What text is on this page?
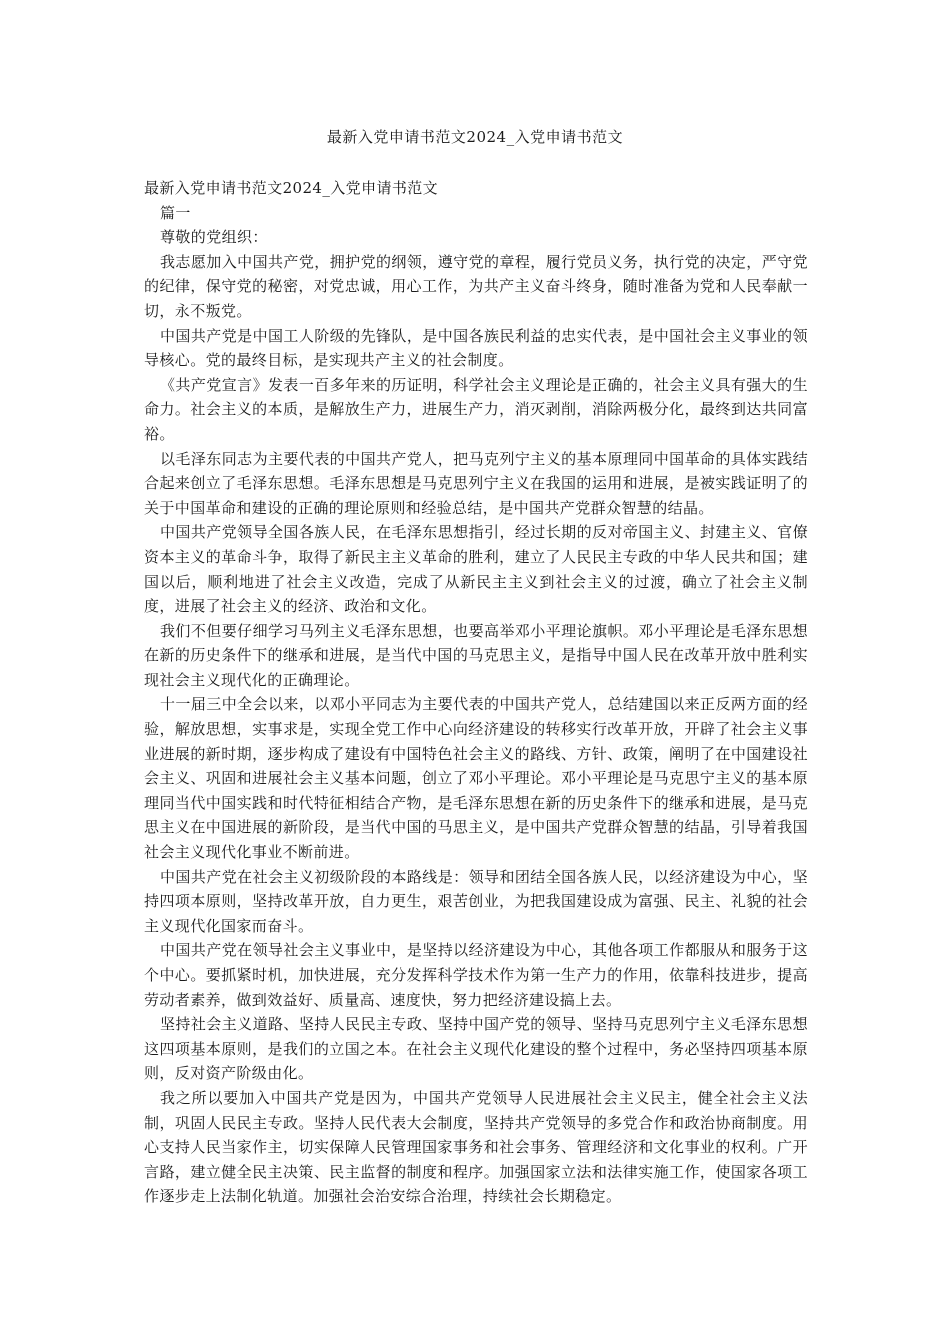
最新入党申请书范文2024_入党申请书范文

最新入党申请书范文2024_入党申请书范文

篇一

尊敬的党组织：

我志愿加入中国共产党，拥护党的纲领，遵守党的章程，履行党员义务，执行党的决定，严守党的纪律，保守党的秘密，对党忠诚，用心工作，为共产主义奋斗终身，随时准备为党和人民奉献一切，永不叛党。

中国共产党是中国工人阶级的先锋队，是中国各族民利益的忠实代表，是中国社会主义事业的领导核心。党的最终目标，是实现共产主义的社会制度。

《共产党宣言》发表一百多年来的历证明，科学社会主义理论是正确的，社会主义具有强大的生命力。社会主义的本质，是解放生产力，进展生产力，消灭剥削，消除两极分化，最终到达共同富裕。

以毛泽东同志为主要代表的中国共产党人，把马克列宁主义的基本原理同中国革命的具体实践结合起来创立了毛泽东思想。毛泽东思想是马克思列宁主义在我国的运用和进展，是被实践证明了的关于中国革命和建设的正确的理论原则和经验总结，是中国共产党群众智慧的结晶。

中国共产党领导全国各族人民，在毛泽东思想指引，经过长期的反对帝国主义、封建主义、官僚资本主义的革命斗争，取得了新民主主义革命的胜利，建立了人民民主专政的中华人民共和国；建国以后，顺利地进了社会主义改造，完成了从新民主主义到社会主义的过渡，确立了社会主义制度，进展了社会主义的经济、政治和文化。

我们不但要仔细学习马列主义毛泽东思想，也要高举邓小平理论旗帜。邓小平理论是毛泽东思想在新的历史条件下的继承和进展，是当代中国的马克思主义，是指导中国人民在改革开放中胜利实现社会主义现代化的正确理论。

十一届三中全会以来，以邓小平同志为主要代表的中国共产党人，总结建国以来正反两方面的经验，解放思想，实事求是，实现全党工作中心向经济建设的转移实行改革开放，开辟了社会主义事业进展的新时期，逐步构成了建设有中国特色社会主义的路线、方针、政策，阐明了在中国建设社会主义、巩固和进展社会主义基本问题，创立了邓小平理论。邓小平理论是马克思宁主义的基本原理同当代中国实践和时代特征相结合产物，是毛泽东思想在新的历史条件下的继承和进展，是马克思主义在中国进展的新阶段，是当代中国的马思主义，是中国共产党群众智慧的结晶，引导着我国社会主义现代化事业不断前进。

中国共产党在社会主义初级阶段的本路线是：领导和团结全国各族人民，以经济建设为中心，坚持四项本原则，坚持改革开放，自力更生，艰苦创业，为把我国建设成为富强、民主、礼貌的社会主义现代化国家而奋斗。

中国共产党在领导社会主义事业中，是坚持以经济建设为中心，其他各项工作都服从和服务于这个中心。要抓紧时机，加快进展，充分发挥科学技术作为第一生产力的作用，依靠科技进步，提高劳动者素养，做到效益好、质量高、速度快，努力把经济建设搞上去。

坚持社会主义道路、坚持人民民主专政、坚持中国产党的领导、坚持马克思列宁主义毛泽东思想这四项基本原则，是我们的立国之本。在社会主义现代化建设的整个过程中，务必坚持四项基本原则，反对资产阶级由化。

我之所以要加入中国共产党是因为，中国共产党领导人民进展社会主义民主，健全社会主义法制，巩固人民民主专政。坚持人民代表大会制度，坚持共产党领导的多党合作和政治协商制度。用心支持人民当家作主，切实保障人民管理国家事务和社会事务、管理经济和文化事业的权利。广开言路，建立健全民主决策、民主监督的制度和程序。加强国家立法和法律实施工作，使国家各项工作逐步走上法制化轨道。加强社会治安综合治理，持续社会长期稳定。
